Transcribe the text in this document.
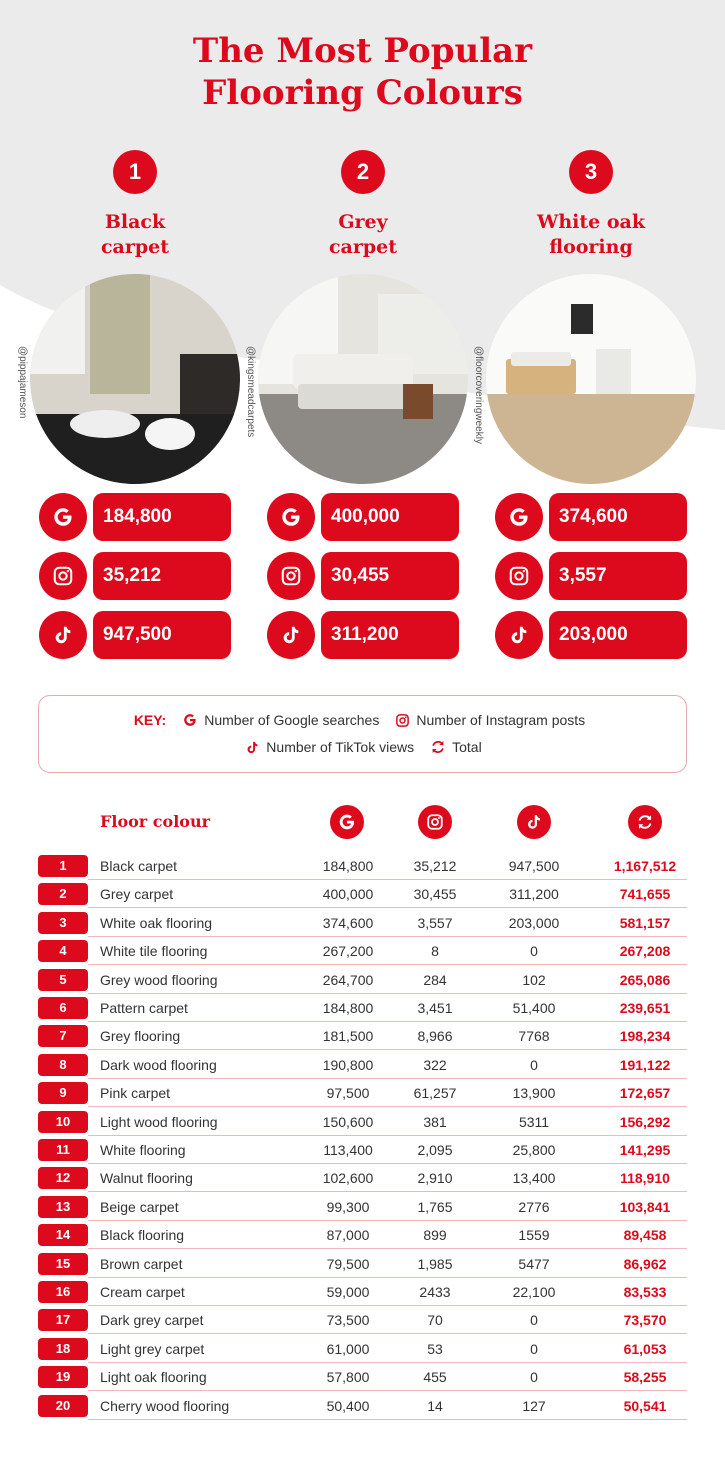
The Most Popular
Flooring Colours
1
Black
carpet
@pippajameson
184,800
35,212
947,500
2
Grey
carpet
@kingsmeadcarpets
400,000
30,455
311,200
3
White oak
flooring
@floorcoveringweekly
374,600
3,557
203,000
KEY:	Number of Google searches	Number of Instagram posts
Number of TikTok views	Total
Floor colour
1	Black carpet	184,800	35,212	947,500	1,167,512
2	Grey carpet	400,000	30,455	311,200	741,655
3	White oak flooring	374,600	3,557	203,000	581,157
4	White tile flooring	267,200	8	0	267,208
5	Grey wood flooring	264,700	284	102	265,086
6	Pattern carpet	184,800	3,451	51,400	239,651
7	Grey flooring	181,500	8,966	7768	198,234
8	Dark wood flooring	190,800	322	0	191,122
9	Pink carpet	97,500	61,257	13,900	172,657
10	Light wood flooring	150,600	381	5311	156,292
11	White flooring	113,400	2,095	25,800	141,295
12	Walnut flooring	102,600	2,910	13,400	118,910
13	Beige carpet	99,300	1,765	2776	103,841
14	Black flooring	87,000	899	1559	89,458
15	Brown carpet	79,500	1,985	5477	86,962
16	Cream carpet	59,000	2433	22,100	83,533
17	Dark grey carpet	73,500	70	0	73,570
18	Light grey carpet	61,000	53	0	61,053
19	Light oak flooring	57,800	455	0	58,255
20	Cherry wood flooring	50,400	14	127	50,541
